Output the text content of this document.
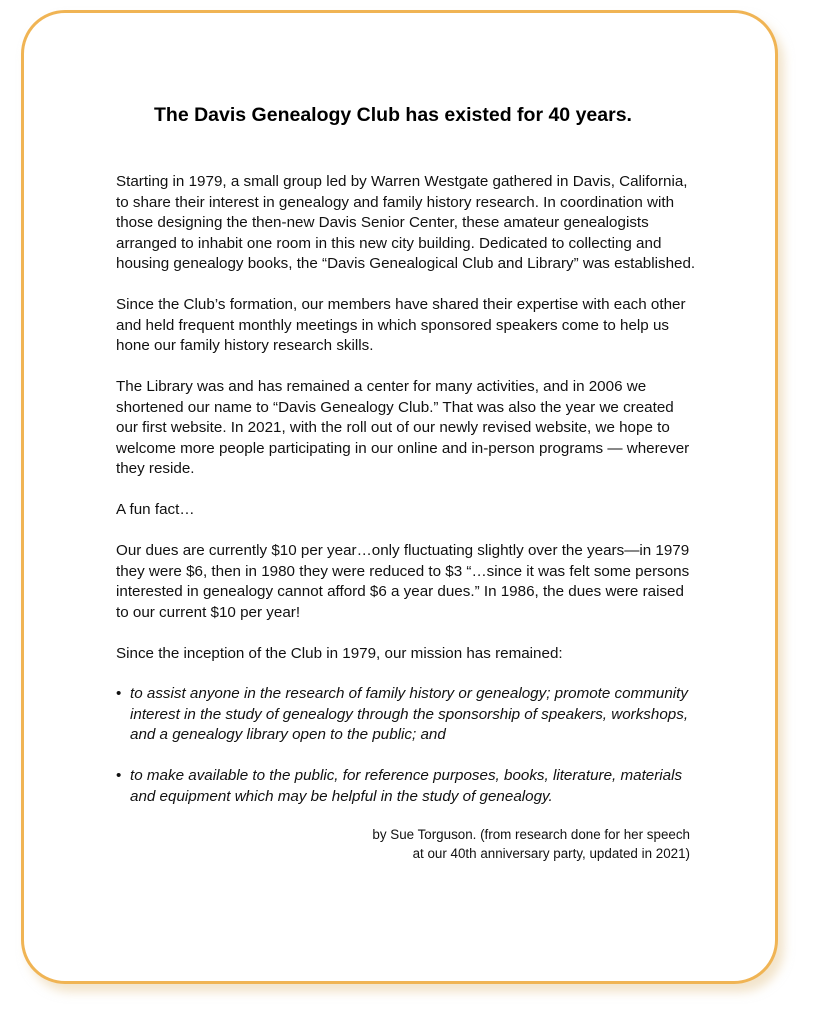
The Davis Genealogy Club has existed for 40 years.

Starting in 1979, a small group led by Warren Westgate gathered in Davis, California, to share their interest in genealogy and family history research. In coordination with those designing the then-new Davis Senior Center, these amateur genealogists arranged to inhabit one room in this new city building. Dedicated to collecting and housing genealogy books, the “Davis Genealogical Club and Library” was established.

Since the Club’s formation, our members have shared their expertise with each other and held frequent monthly meetings in which sponsored speakers come to help us hone our family history research skills.

The Library was and has remained a center for many activities, and in 2006 we shortened our name to “Davis Genealogy Club.” That was also the year we created our first website. In 2021, with the roll out of our newly revised website, we hope to welcome more people participating in our online and in-person programs — wherever they reside.

A fun fact…

Our dues are currently $10 per year…only fluctuating slightly over the years—in 1979 they were $6, then in 1980 they were reduced to $3 “…since it was felt some persons interested in genealogy cannot afford $6 a year dues.” In 1986, the dues were raised to our current $10 per year!

Since the inception of the Club in 1979, our mission has remained:

• to assist anyone in the research of family history or genealogy; promote community interest in the study of genealogy through the sponsorship of speakers, workshops, and a genealogy library open to the public; and
• to make available to the public, for reference purposes, books, literature, materials and equipment which may be helpful in the study of genealogy.
by Sue Torguson. (from research done for her speech
at our 40th anniversary party, updated in 2021)
